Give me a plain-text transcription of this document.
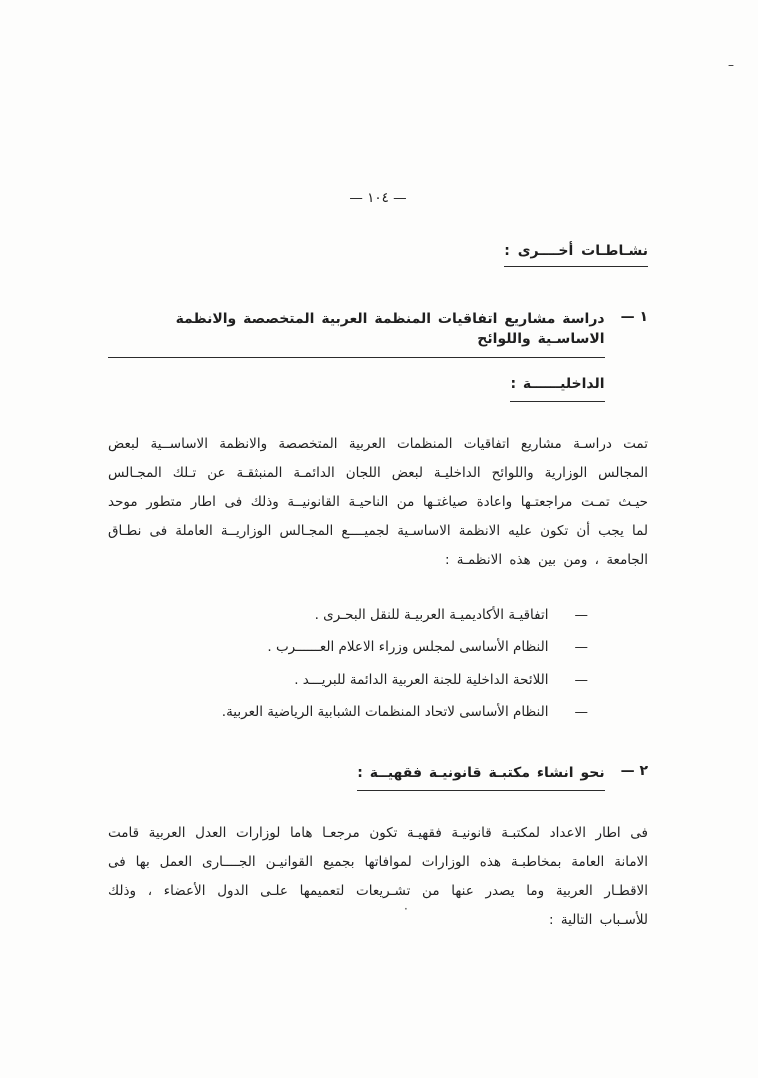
–
— ١٠٤ —
نشـاطـات أخــــرى :
١ —
دراسة مشاريع اتفاقيات المنظمة العربية المتخصصة والانظمة الاساسـية واللوائح
الداخليــــــة :

تمت دراسـة مشاريع اتفاقيات المنظمات العربية المتخصصة والانظمة الاساســية لبعض المجالس الوزارية واللوائح الداخليـة لبعض اللجان الدائمـة المنبثقـة عن تـلك المجـالس حيـث تمـت مراجعتـها واعادة صياغتـها من الناحيـة القانونيــة وذلك فى اطار متطور موحد لما يجب أن تكون عليه الانظمة الاساسـية لجميــــع المجـالس الوزاريــة العاملة فى نطـاق الجامعة ، ومن بين هذه الانظمـة :

—
اتفاقيـة الأكاديميـة العربيـة للنقل البحـرى .
—
النظام الأساسى لمجلس وزراء الاعلام العــــــرب .
—
اللائحة الداخلية للجنة العربية الدائمة للبريـــد .
—
النظام الأساسى لاتحاد المنظمات الشبابية الرياضية العربية.
٢ —
نحو انشاء مكتبـة قانونيـة فقهيــة :

فى اطار الاعداد لمكتبـة قانونيـة فقهيـة تكون مرجعـا هاما لوزارات العدل العربية قامت الامانة العامة بمخاطبـة هذه الوزارات لموافاتها بجميع القوانيـن الجــــارى العمل بها فى الاقطـار العربية وما يصدر عنها من تشـريعات لتعميمها علـى الدول الأعضاء ، وذلك للأسـباب التالية :

·
